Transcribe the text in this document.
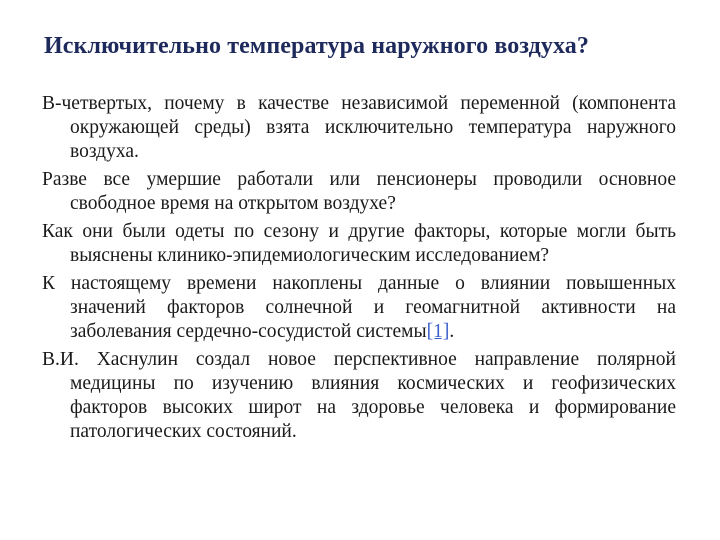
Исключительно температура наружного воздуха?
В-четвертых, почему в качестве независимой переменной (компонента окружающей среды) взята исключительно температура наружного воздуха.
Разве все умершие работали или пенсионеры проводили основное свободное время на открытом воздухе?
Как они были одеты по сезону и другие факторы, которые могли быть выяснены клинико-эпидемиологическим исследованием?
К настоящему времени накоплены данные о влиянии повышенных значений факторов солнечной и геомагнитной активности на заболевания сердечно-сосудистой системы[1].
В.И. Хаснулин создал новое перспективное направление полярной медицины по изучению влияния космических и геофизических факторов высоких широт на здоровье человека и формирование патологических состояний.
